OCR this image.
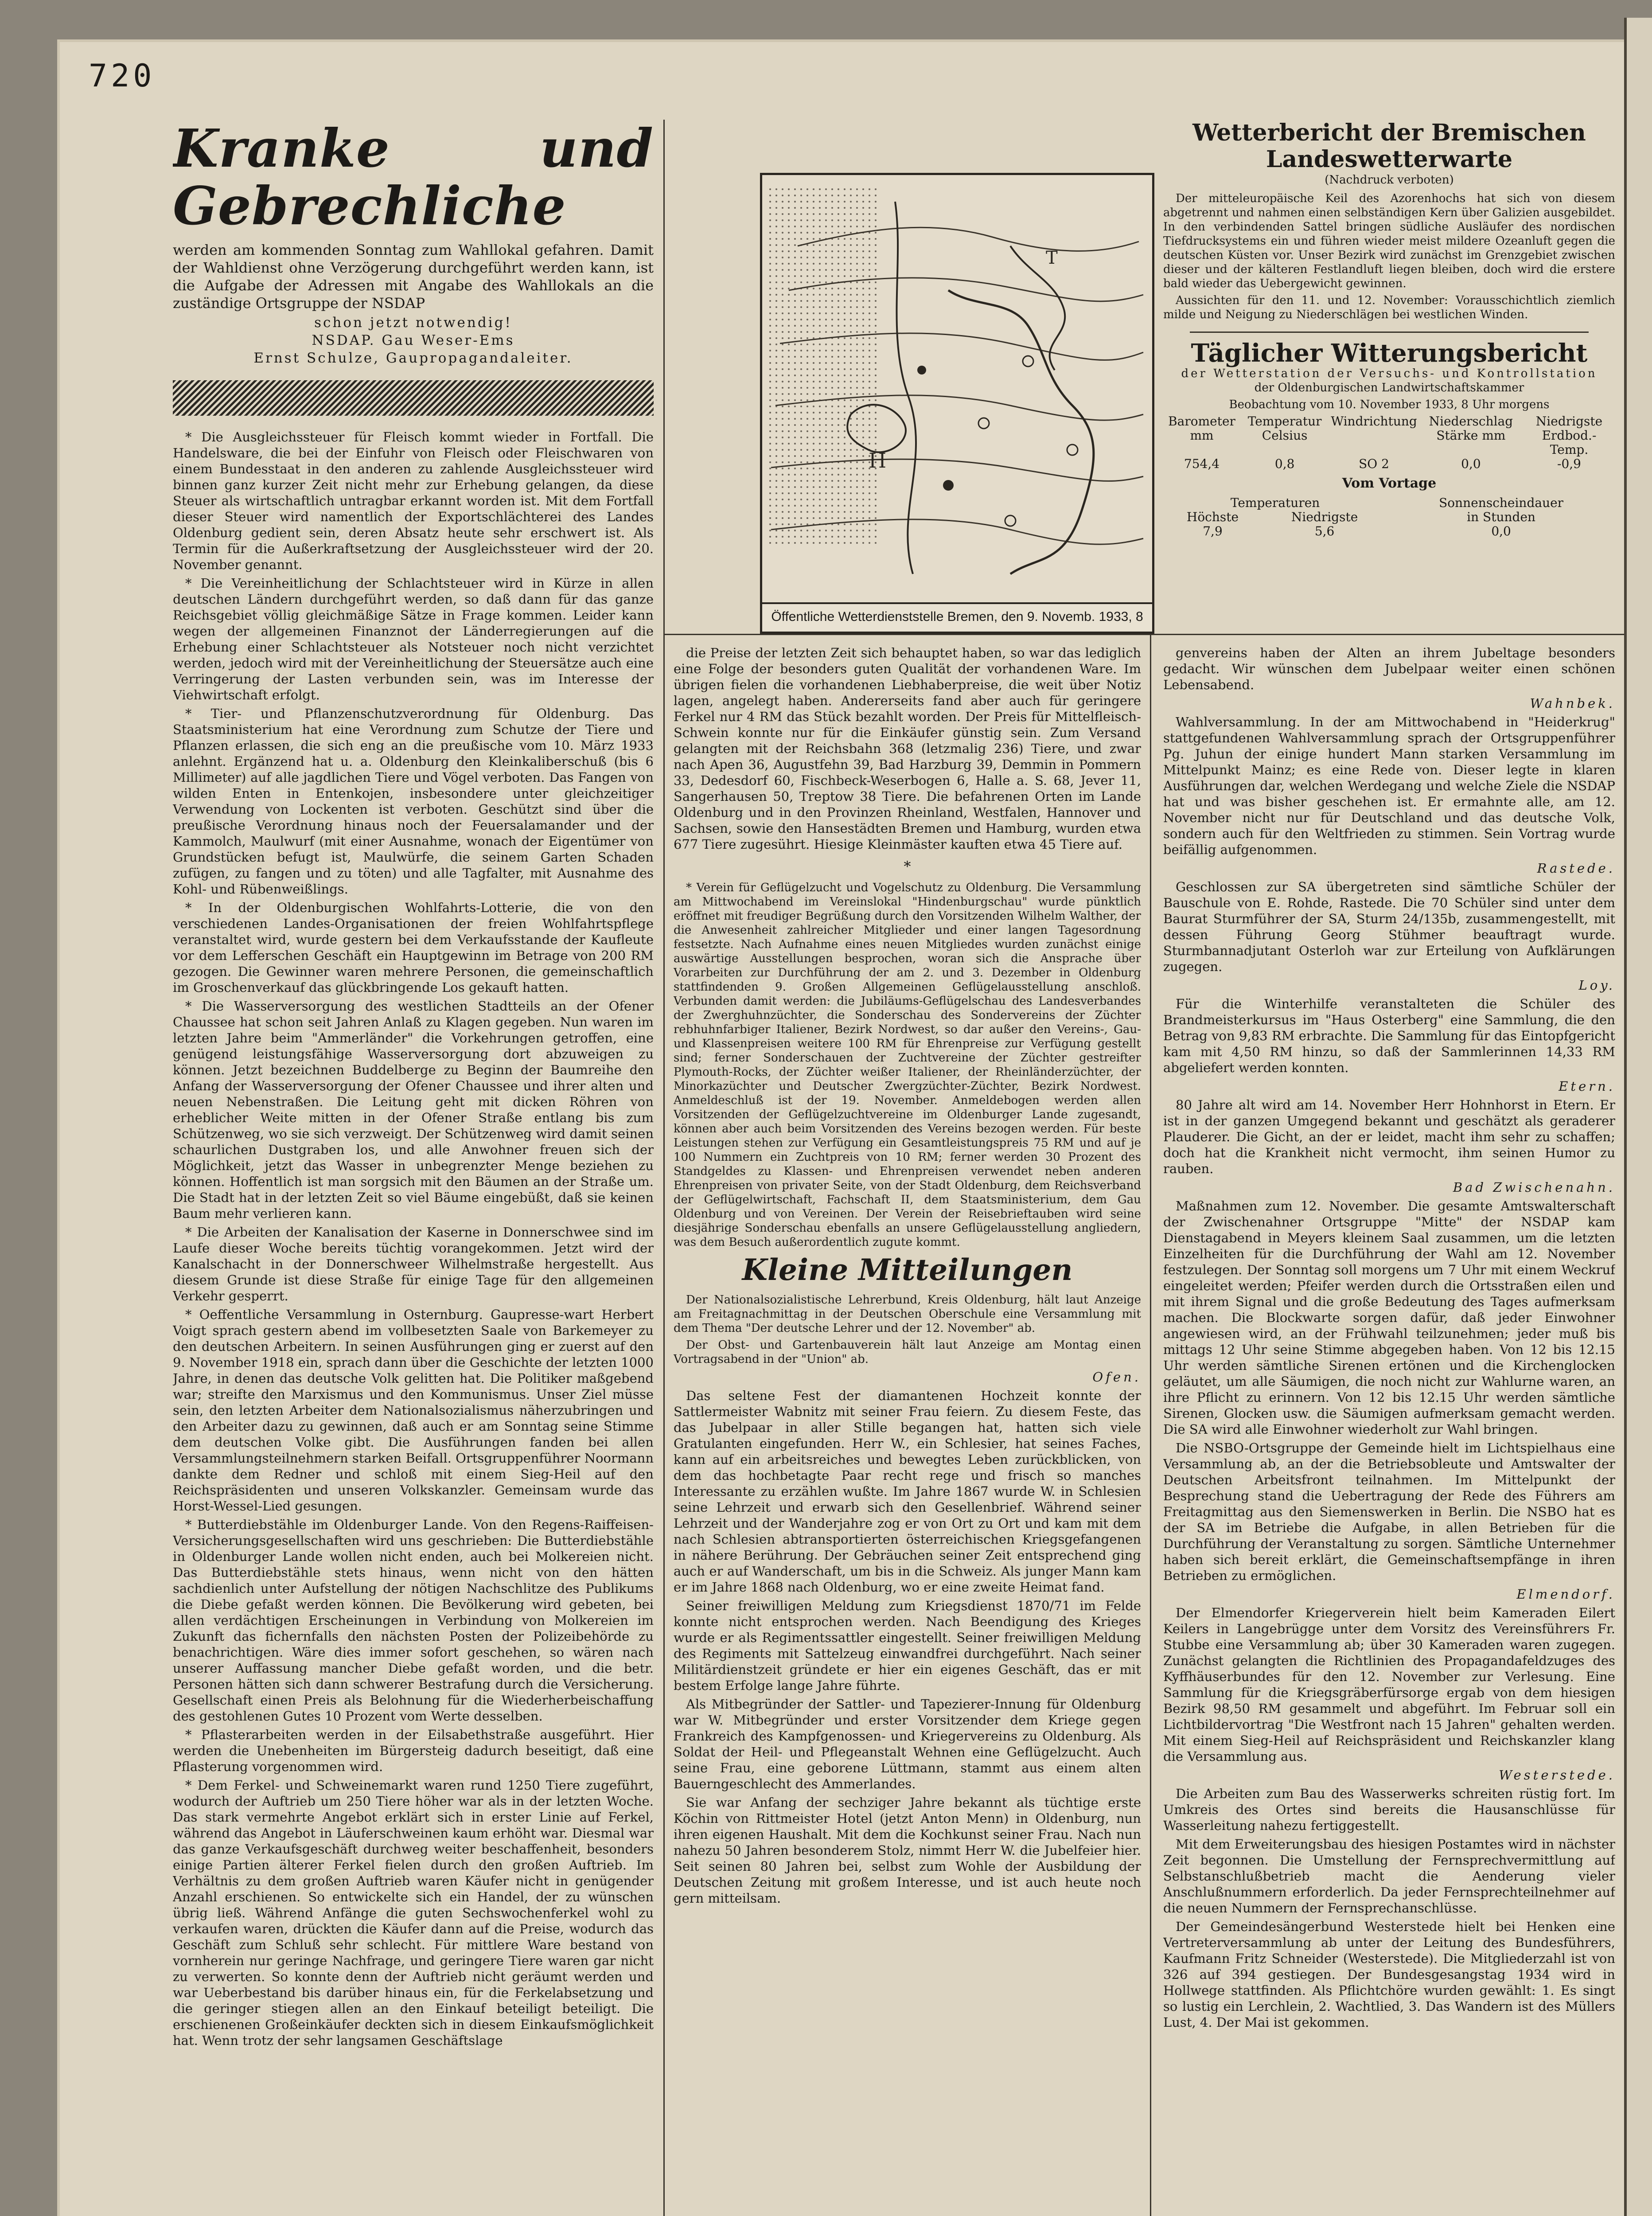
720
Kranke und Gebrechliche

werden am kommenden Sonntag zum Wahllokal gefahren. Damit der Wahldienst ohne Verzögerung durchgeführt werden kann, ist die Aufgabe der Adressen mit Angabe des Wahllokals an die zuständige Ortsgruppe der NSDAP

schon jetzt notwendig!
NSDAP. Gau Weser-Ems
Ernst Schulze, Gaupropagandaleiter.

* Die Ausgleichssteuer für Fleisch kommt wieder in Fortfall. Die Handelsware, die bei der Einfuhr von Fleisch oder Fleischwaren von einem Bundesstaat in den anderen zu zahlende Ausgleichssteuer wird binnen ganz kurzer Zeit nicht mehr zur Erhebung gelangen, da diese Steuer als wirtschaftlich untragbar erkannt worden ist. Mit dem Fortfall dieser Steuer wird namentlich der Exportschlächterei des Landes Oldenburg gedient sein, deren Absatz heute sehr erschwert ist. Als Termin für die Außerkraftsetzung der Ausgleichssteuer wird der 20. November genannt.

* Die Vereinheitlichung der Schlachtsteuer wird in Kürze in allen deutschen Ländern durchgeführt werden, so daß dann für das ganze Reichsgebiet völlig gleichmäßige Sätze in Frage kommen. Leider kann wegen der allgemeinen Finanznot der Länderregierungen auf die Erhebung einer Schlachtsteuer als Notsteuer noch nicht verzichtet werden, jedoch wird mit der Vereinheitlichung der Steuersätze auch eine Verringerung der Lasten verbunden sein, was im Interesse der Viehwirtschaft erfolgt.

* Tier- und Pflanzenschutzverordnung für Oldenburg. Das Staatsministerium hat eine Verordnung zum Schutze der Tiere und Pflanzen erlassen, die sich eng an die preußische vom 10. März 1933 anlehnt. Ergänzend hat u. a. Oldenburg den Kleinkaliberschuß (bis 6 Millimeter) auf alle jagdlichen Tiere und Vögel verboten. Das Fangen von wilden Enten in Entenkojen, insbesondere unter gleichzeitiger Verwendung von Lockenten ist verboten. Geschützt sind über die preußische Verordnung hinaus noch der Feuersalamander und der Kammolch, Maulwurf (mit einer Ausnahme, wonach der Eigentümer von Grundstücken befugt ist, Maulwürfe, die seinem Garten Schaden zufügen, zu fangen und zu töten) und alle Tagfalter, mit Ausnahme des Kohl- und Rübenweißlings.

* In der Oldenburgischen Wohlfahrts-Lotterie, die von den verschiedenen Landes-Organisationen der freien Wohlfahrtspflege veranstaltet wird, wurde gestern bei dem Verkaufsstande der Kaufleute vor dem Lefferschen Geschäft ein Hauptgewinn im Betrage von 200 RM gezogen. Die Gewinner waren mehrere Personen, die gemeinschaftlich im Groschenverkauf das glückbringende Los gekauft hatten.

* Die Wasserversorgung des westlichen Stadtteils an der Ofener Chaussee hat schon seit Jahren Anlaß zu Klagen gegeben. Nun waren im letzten Jahre beim "Ammerländer" die Vorkehrungen getroffen, eine genügend leistungsfähige Wasserversorgung dort abzuweigen zu können. Jetzt bezeichnen Buddelberge zu Beginn der Baumreihe den Anfang der Wasserversorgung der Ofener Chaussee und ihrer alten und neuen Nebenstraßen. Die Leitung geht mit dicken Röhren von erheblicher Weite mitten in der Ofener Straße entlang bis zum Schützenweg, wo sie sich verzweigt. Der Schützenweg wird damit seinen schaurlichen Dustgraben los, und alle Anwohner freuen sich der Möglichkeit, jetzt das Wasser in unbegrenzter Menge beziehen zu können. Hoffentlich ist man sorgsich mit den Bäumen an der Straße um. Die Stadt hat in der letzten Zeit so viel Bäume eingebüßt, daß sie keinen Baum mehr verlieren kann.

* Die Arbeiten der Kanalisation der Kaserne in Donnerschwee sind im Laufe dieser Woche bereits tüchtig vorangekommen. Jetzt wird der Kanalschacht in der Donnerschweer Wilhelmstraße hergestellt. Aus diesem Grunde ist diese Straße für einige Tage für den allgemeinen Verkehr gesperrt.

* Oeffentliche Versammlung in Osternburg. Gaupresse-wart Herbert Voigt sprach gestern abend im vollbesetzten Saale von Barkemeyer zu den deutschen Arbeitern. In seinen Ausführungen ging er zuerst auf den 9. November 1918 ein, sprach dann über die Geschichte der letzten 1000 Jahre, in denen das deutsche Volk gelitten hat. Die Politiker maßgebend war; streifte den Marxismus und den Kommunismus. Unser Ziel müsse sein, den letzten Arbeiter dem Nationalsozialismus näherzubringen und den Arbeiter dazu zu gewinnen, daß auch er am Sonntag seine Stimme dem deutschen Volke gibt. Die Ausführungen fanden bei allen Versammlungsteilnehmern starken Beifall. Ortsgruppenführer Noormann dankte dem Redner und schloß mit einem Sieg-Heil auf den Reichspräsidenten und unseren Volkskanzler. Gemeinsam wurde das Horst-Wessel-Lied gesungen.

* Butterdiebstähle im Oldenburger Lande. Von den Regens-Raiffeisen-Versicherungsgesellschaften wird uns geschrieben: Die Butterdiebstähle in Oldenburger Lande wollen nicht enden, auch bei Molkereien nicht. Das Butterdiebstähle stets hinaus, wenn nicht von den hätten sachdienlich unter Aufstellung der nötigen Nachschlitze des Publikums die Diebe gefaßt werden können. Die Bevölkerung wird gebeten, bei allen verdächtigen Erscheinungen in Verbindung von Molkereien im Zukunft das fichernfalls den nächsten Posten der Polizeibehörde zu benachrichtigen. Wäre dies immer sofort geschehen, so wären nach unserer Auffassung mancher Diebe gefaßt worden, und die betr. Personen hätten sich dann schwerer Bestrafung durch die Versicherung. Gesellschaft einen Preis als Belohnung für die Wiederherbeischaffung des gestohlenen Gutes 10 Prozent vom Werte desselben.

* Pflasterarbeiten werden in der Eilsabethstraße ausgeführt. Hier werden die Unebenheiten im Bürgersteig dadurch beseitigt, daß eine Pflasterung vorgenommen wird.

* Dem Ferkel- und Schweinemarkt waren rund 1250 Tiere zugeführt, wodurch der Auftrieb um 250 Tiere höher war als in der letzten Woche. Das stark vermehrte Angebot erklärt sich in erster Linie auf Ferkel, während das Angebot in Läuferschweinen kaum erhöht war. Diesmal war das ganze Verkaufsgeschäft durchweg weiter beschaffenheit, besonders einige Partien älterer Ferkel fielen durch den großen Auftrieb. Im Verhältnis zu dem großen Auftrieb waren Käufer nicht in genügender Anzahl erschienen. So entwickelte sich ein Handel, der zu wünschen übrig ließ. Während Anfänge die guten Sechswochenferkel wohl zu verkaufen waren, drückten die Käufer dann auf die Preise, wodurch das Geschäft zum Schluß sehr schlecht. Für mittlere Ware bestand von vornherein nur geringe Nachfrage, und geringere Tiere waren gar nicht zu verwerten. So konnte denn der Auftrieb nicht geräumt werden und war Ueberbestand bis darüber hinaus ein, für die Ferkelabsetzung und die geringer stiegen allen an den Einkauf beteiligt beteiligt. Die erschienenen Großeinkäufer deckten sich in diesem Einkaufsmöglichkeit hat. Wenn trotz der sehr langsamen Geschäftslage

H
T
Öffentliche Wetterdienststelle Bremen, den 9. Novemb. 1933, 8
Wetterbericht der Bremischen Landeswetterwarte
(Nachdruck verboten)

Der mitteleuropäische Keil des Azorenhochs hat sich von diesem abgetrennt und nahmen einen selbständigen Kern über Galizien ausgebildet. In den verbindenden Sattel bringen südliche Ausläufer des nordischen Tiefdrucksystems ein und führen wieder meist mildere Ozeanluft gegen die deutschen Küsten vor. Unser Bezirk wird zunächst im Grenzgebiet zwischen dieser und der kälteren Festlandluft liegen bleiben, doch wird die erstere bald wieder das Uebergewicht gewinnen.

Aussichten für den 11. und 12. November: Vorausschichtlich ziemlich milde und Neigung zu Niederschlägen bei westlichen Winden.

Täglicher Witterungsbericht
der Wetterstation der Versuchs- und Kontrollstation
der Oldenburgischen Landwirtschaftskammer
Beobachtung vom 10. November 1933, 8 Uhr morgens
Barometer mm	Temperatur Celsius	Windrichtung	Niederschlag Stärke mm	Niedrigste Erdbod.-Temp.
754,4	0,8	SO 2	0,0	-0,9
Vom Vortage
Temperaturen		Sonnenscheindauer
Höchste	Niedrigste	in Stunden
7,9	5,6	0,0

die Preise der letzten Zeit sich behauptet haben, so war das lediglich eine Folge der besonders guten Qualität der vorhandenen Ware. Im übrigen fielen die vorhandenen Liebhaberpreise, die weit über Notiz lagen, angelegt haben. Andererseits fand aber auch für geringere Ferkel nur 4 RM das Stück bezahlt worden. Der Preis für Mittelfleisch-Schwein konnte nur für die Einkäufer günstig sein. Zum Versand gelangten mit der Reichsbahn 368 (letzmalig 236) Tiere, und zwar nach Apen 36, Augustfehn 39, Bad Harzburg 39, Demmin in Pommern 33, Dedesdorf 60, Fischbeck-Weserbogen 6, Halle a. S. 68, Jever 11, Sangerhausen 50, Treptow 38 Tiere. Die befahrenen Orten im Lande Oldenburg und in den Provinzen Rheinland, Westfalen, Hannover und Sachsen, sowie den Hansestädten Bremen und Hamburg, wurden etwa 677 Tiere zugesührt. Hiesige Kleinmäster kauften etwa 45 Tiere auf.

*

* Verein für Geflügelzucht und Vogelschutz zu Oldenburg. Die Versammlung am Mittwochabend im Vereinslokal "Hindenburgschau" wurde pünktlich eröffnet mit freudiger Begrüßung durch den Vorsitzenden Wilhelm Walther, der die Anwesenheit zahlreicher Mitglieder und einer langen Tagesordnung festsetzte. Nach Aufnahme eines neuen Mitgliedes wurden zunächst einige auswärtige Ausstellungen besprochen, woran sich die Ansprache über Vorarbeiten zur Durchführung der am 2. und 3. Dezember in Oldenburg stattfindenden 9. Großen Allgemeinen Geflügelausstellung anschloß. Verbunden damit werden: die Jubiläums-Geflügelschau des Landesverbandes der Zwerghuhnzüchter, die Sonderschau des Sondervereins der Züchter rebhuhnfarbiger Italiener, Bezirk Nordwest, so dar außer den Vereins-, Gau- und Klassenpreisen weitere 100 RM für Ehrenpreise zur Verfügung gestellt sind; ferner Sonderschauen der Zuchtvereine der Züchter gestreifter Plymouth-Rocks, der Züchter weißer Italiener, der Rheinländerzüchter, der Minorkazüchter und Deutscher Zwergzüchter-Züchter, Bezirk Nordwest. Anmeldeschluß ist der 19. November. Anmeldebogen werden allen Vorsitzenden der Geflügelzuchtvereine im Oldenburger Lande zugesandt, können aber auch beim Vorsitzenden des Vereins bezogen werden. Für beste Leistungen stehen zur Verfügung ein Gesamtleistungspreis 75 RM und auf je 100 Nummern ein Zuchtpreis von 10 RM; ferner werden 30 Prozent des Standgeldes zu Klassen- und Ehrenpreisen verwendet neben anderen Ehrenpreisen von privater Seite, von der Stadt Oldenburg, dem Reichsverband der Geflügelwirtschaft, Fachschaft II, dem Staatsministerium, dem Gau Oldenburg und von Vereinen. Der Verein der Reisebrieftauben wird seine diesjährige Sonderschau ebenfalls an unsere Geflügelausstellung angliedern, was dem Besuch außerordentlich zugute kommt.

Kleine Mitteilungen

Der Nationalsozialistische Lehrerbund, Kreis Oldenburg, hält laut Anzeige am Freitagnachmittag in der Deutschen Oberschule eine Versammlung mit dem Thema "Der deutsche Lehrer und der 12. November" ab.

Der Obst- und Gartenbauverein hält laut Anzeige am Montag einen Vortragsabend in der "Union" ab.

Ofen.

Das seltene Fest der diamantenen Hochzeit konnte der Sattlermeister Wabnitz mit seiner Frau feiern. Zu diesem Feste, das das Jubelpaar in aller Stille begangen hat, hatten sich viele Gratulanten eingefunden. Herr W., ein Schlesier, hat seines Faches, kann auf ein arbeitsreiches und bewegtes Leben zurückblicken, von dem das hochbetagte Paar recht rege und frisch so manches Interessante zu erzählen wußte. Im Jahre 1867 wurde W. in Schlesien seine Lehrzeit und erwarb sich den Gesellenbrief. Während seiner Lehrzeit und der Wanderjahre zog er von Ort zu Ort und kam mit dem nach Schlesien abtransportierten österreichischen Kriegsgefangenen in nähere Berührung. Der Gebräuchen seiner Zeit entsprechend ging auch er auf Wanderschaft, um bis in die Schweiz. Als junger Mann kam er im Jahre 1868 nach Oldenburg, wo er eine zweite Heimat fand.

Seiner freiwilligen Meldung zum Kriegsdienst 1870/71 im Felde konnte nicht entsprochen werden. Nach Beendigung des Krieges wurde er als Regimentssattler eingestellt. Seiner freiwilligen Meldung des Regiments mit Sattelzeug einwandfrei durchgeführt. Nach seiner Militärdienstzeit gründete er hier ein eigenes Geschäft, das er mit bestem Erfolge lange Jahre führte.

Als Mitbegründer der Sattler- und Tapezierer-Innung für Oldenburg war W. Mitbegründer und erster Vorsitzender dem Kriege gegen Frankreich des Kampfgenossen- und Kriegervereins zu Oldenburg. Als Soldat der Heil- und Pflegeanstalt Wehnen eine Geflügelzucht. Auch seine Frau, eine geborene Lüttmann, stammt aus einem alten Bauerngeschlecht des Ammerlandes.

Sie war Anfang der sechziger Jahre bekannt als tüchtige erste Köchin von Rittmeister Hotel (jetzt Anton Menn) in Oldenburg, nun ihren eigenen Haushalt. Mit dem die Kochkunst seiner Frau. Nach nun nahezu 50 Jahren besonderem Stolz, nimmt Herr W. die Jubelfeier hier. Seit seinen 80 Jahren bei, selbst zum Wohle der Ausbildung der Deutschen Zeitung mit großem Interesse, und ist auch heute noch gern mitteilsam.

genvereins haben der Alten an ihrem Jubeltage besonders gedacht. Wir wünschen dem Jubelpaar weiter einen schönen Lebensabend.

Wahnbek.

Wahlversammlung. In der am Mittwochabend in "Heiderkrug" stattgefundenen Wahlversammlung sprach der Ortsgruppenführer Pg. Juhun der einige hundert Mann starken Versammlung im Mittelpunkt Mainz; es eine Rede von. Dieser legte in klaren Ausführungen dar, welchen Werdegang und welche Ziele die NSDAP hat und was bisher geschehen ist. Er ermahnte alle, am 12. November nicht nur für Deutschland und das deutsche Volk, sondern auch für den Weltfrieden zu stimmen. Sein Vortrag wurde beifällig aufgenommen.

Rastede.

Geschlossen zur SA übergetreten sind sämtliche Schüler der Bauschule von E. Rohde, Rastede. Die 70 Schüler sind unter dem Baurat Sturmführer der SA, Sturm 24/135b, zusammengestellt, mit dessen Führung Georg Stühmer beauftragt wurde. Sturmbannadjutant Osterloh war zur Erteilung von Aufklärungen zugegen.

Loy.

Für die Winterhilfe veranstalteten die Schüler des Brandmeisterkursus im "Haus Osterberg" eine Sammlung, die den Betrag von 9,83 RM erbrachte. Die Sammlung für das Eintopfgericht kam mit 4,50 RM hinzu, so daß der Sammlerinnen 14,33 RM abgeliefert werden konnten.

Etern.

80 Jahre alt wird am 14. November Herr Hohnhorst in Etern. Er ist in der ganzen Umgegend bekannt und geschätzt als geraderer Plauderer. Die Gicht, an der er leidet, macht ihm sehr zu schaffen; doch hat die Krankheit nicht vermocht, ihm seinen Humor zu rauben.

Bad Zwischenahn.

Maßnahmen zum 12. November. Die gesamte Amtswalterschaft der Zwischenahner Ortsgruppe "Mitte" der NSDAP kam Dienstagabend in Meyers kleinem Saal zusammen, um die letzten Einzelheiten für die Durchführung der Wahl am 12. November festzulegen. Der Sonntag soll morgens um 7 Uhr mit einem Weckruf eingeleitet werden; Pfeifer werden durch die Ortsstraßen eilen und mit ihrem Signal und die große Bedeutung des Tages aufmerksam machen. Die Blockwarte sorgen dafür, daß jeder Einwohner angewiesen wird, an der Frühwahl teilzunehmen; jeder muß bis mittags 12 Uhr seine Stimme abgegeben haben. Von 12 bis 12.15 Uhr werden sämtliche Sirenen ertönen und die Kirchenglocken geläutet, um alle Säumigen, die noch nicht zur Wahlurne waren, an ihre Pflicht zu erinnern. Von 12 bis 12.15 Uhr werden sämtliche Sirenen, Glocken usw. die Säumigen aufmerksam gemacht werden. Die SA wird alle Einwohner wiederholt zur Wahl bringen.

Die NSBO-Ortsgruppe der Gemeinde hielt im Lichtspielhaus eine Versammlung ab, an der die Betriebsobleute und Amtswalter der Deutschen Arbeitsfront teilnahmen. Im Mittelpunkt der Besprechung stand die Uebertragung der Rede des Führers am Freitagmittag aus den Siemenswerken in Berlin. Die NSBO hat es der SA im Betriebe die Aufgabe, in allen Betrieben für die Durchführung der Veranstaltung zu sorgen. Sämtliche Unternehmer haben sich bereit erklärt, die Gemeinschaftsempfänge in ihren Betrieben zu ermöglichen.

Elmendorf.

Der Elmendorfer Kriegerverein hielt beim Kameraden Eilert Keilers in Langebrügge unter dem Vorsitz des Vereinsführers Fr. Stubbe eine Versammlung ab; über 30 Kameraden waren zugegen. Zunächst gelangten die Richtlinien des Propagandafeldzuges des Kyffhäuserbundes für den 12. November zur Verlesung. Eine Sammlung für die Kriegsgräberfürsorge ergab von dem hiesigen Bezirk 98,50 RM gesammelt und abgeführt. Im Februar soll ein Lichtbildervortrag "Die Westfront nach 15 Jahren" gehalten werden. Mit einem Sieg-Heil auf Reichspräsident und Reichskanzler klang die Versammlung aus.

Westerstede.

Die Arbeiten zum Bau des Wasserwerks schreiten rüstig fort. Im Umkreis des Ortes sind bereits die Hausanschlüsse für Wasserleitung nahezu fertiggestellt.

Mit dem Erweiterungsbau des hiesigen Postamtes wird in nächster Zeit begonnen. Die Umstellung der Fernsprechvermittlung auf Selbstanschlußbetrieb macht die Aenderung vieler Anschlußnummern erforderlich. Da jeder Fernsprechteilnehmer auf die neuen Nummern der Fernsprechanschlüsse.

Der Gemeindesängerbund Westerstede hielt bei Henken eine Vertreterversammlung ab unter der Leitung des Bundesführers, Kaufmann Fritz Schneider (Westerstede). Die Mitgliederzahl ist von 326 auf 394 gestiegen. Der Bundesgesangstag 1934 wird in Hollwege stattfinden. Als Pflichtchöre wurden gewählt: 1. Es singt so lustig ein Lerchlein, 2. Wachtlied, 3. Das Wandern ist des Müllers Lust, 4. Der Mai ist gekommen.
